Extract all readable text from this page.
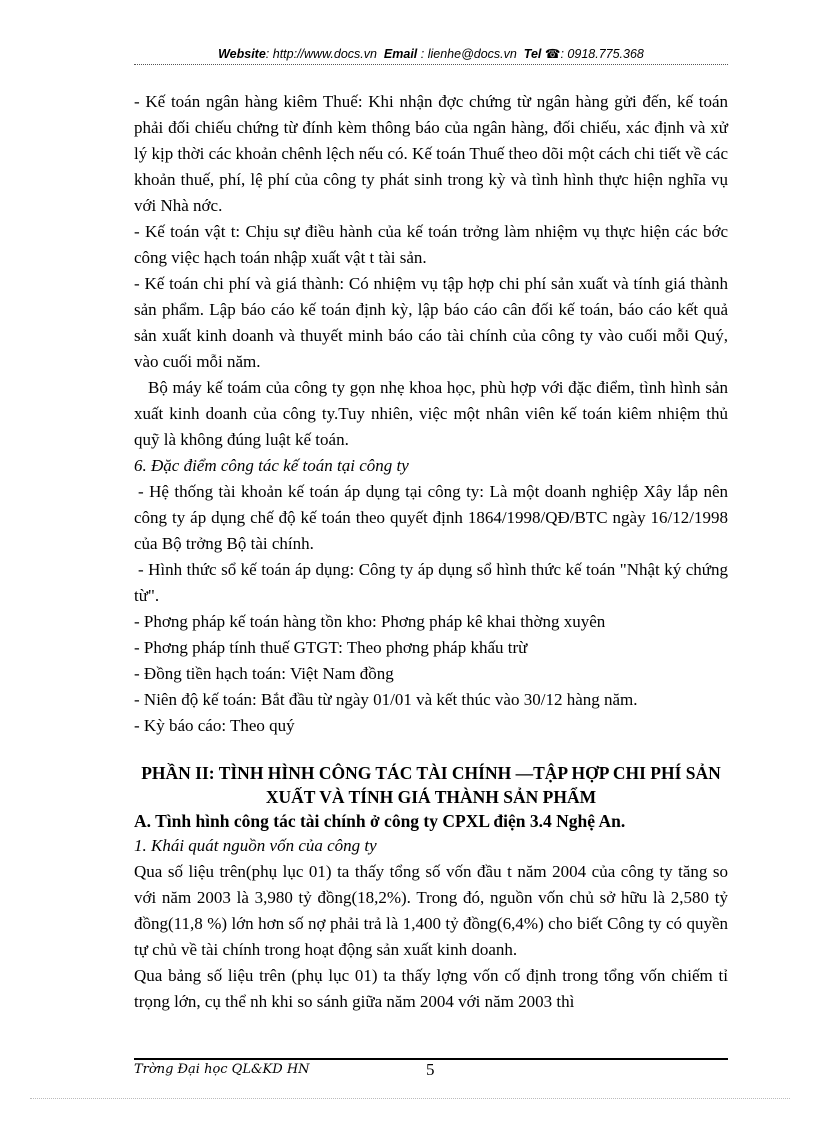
Website: http://www.docs.vn Email : lienhe@docs.vn Tel ☎: 0918.775.368

- Kế toán ngân hàng kiêm Thuế: Khi nhận đợc chứng từ ngân hàng gửi đến, kế toán phải đối chiếu chứng từ đính kèm thông báo của ngân hàng, đối chiếu, xác định và xử lý kịp thời các khoản chênh lệch nếu có. Kế toán Thuế theo dõi một cách chi tiết về các khoản thuế, phí, lệ phí của công ty phát sinh trong kỳ và tình hình thực hiện nghĩa vụ với Nhà nớc.

- Kế toán vật t: Chịu sự điều hành của kế toán trởng làm nhiệm vụ thực hiện các bớc công việc hạch toán nhập xuất vật t tài sản.

- Kế toán chi phí và giá thành: Có nhiệm vụ tập hợp chi phí sản xuất và tính giá thành sản phẩm. Lập báo cáo kế toán định kỳ, lập báo cáo cân đối kế toán, báo cáo kết quả sản xuất kinh doanh và thuyết minh báo cáo tài chính của công ty vào cuối mỗi Quý, vào cuối mỗi năm.

Bộ máy kế toám của công ty gọn nhẹ khoa học, phù hợp với đặc điểm, tình hình sản xuất kinh doanh của công ty.Tuy nhiên, việc một nhân viên kế toán kiêm nhiệm thủ quỹ là không đúng luật kế toán.

6. Đặc điểm công tác kế toán tại công ty

- Hệ thống tài khoản kế toán áp dụng tại công ty: Là một doanh nghiệp Xây lắp nên công ty áp dụng chế độ kế toán theo quyết định 1864/1998/QĐ/BTC ngày 16/12/1998 của Bộ trởng Bộ tài chính.

- Hình thức sổ kế toán áp dụng: Công ty áp dụng sổ hình thức kế toán "Nhật ký chứng từ".

- Phơng pháp kế toán hàng tồn kho: Phơng pháp kê khai thờng xuyên

- Phơng pháp tính thuế GTGT: Theo phơng pháp khấu trừ

- Đồng tiền hạch toán: Việt Nam đồng

- Niên độ kế toán: Bắt đầu từ ngày 01/01 và kết thúc vào 30/12 hàng năm.

- Kỳ báo cáo: Theo quý

PHẦN II: TÌNH HÌNH CÔNG TÁC TÀI CHÍNH —TẬP HỢP CHI PHÍ SẢN XUẤT VÀ TÍNH GIÁ THÀNH SẢN PHẨM

A. Tình hình công tác tài chính ở công ty CPXL điện 3.4 Nghệ An.

1. Khái quát nguồn vốn của công ty

Qua số liệu trên(phụ lục 01) ta thấy tổng số vốn đầu t năm 2004 của công ty tăng so với năm 2003 là 3,980 tỷ đồng(18,2%). Trong đó, nguồn vốn chủ sở hữu là 2,580 tỷ đồng(11,8 %) lớn hơn số nợ phải trả là 1,400 tỷ đồng(6,4%) cho biết Công ty có quyền tự chủ về tài chính trong hoạt động sản xuất kinh doanh.

Qua bảng số liệu trên (phụ lục 01) ta thấy lợng vốn cố định trong tổng vốn chiếm tỉ trọng lớn, cụ thể nh khi so sánh giữa năm 2004 với năm 2003 thì

Trờng Đại học QL&KD HN	5
